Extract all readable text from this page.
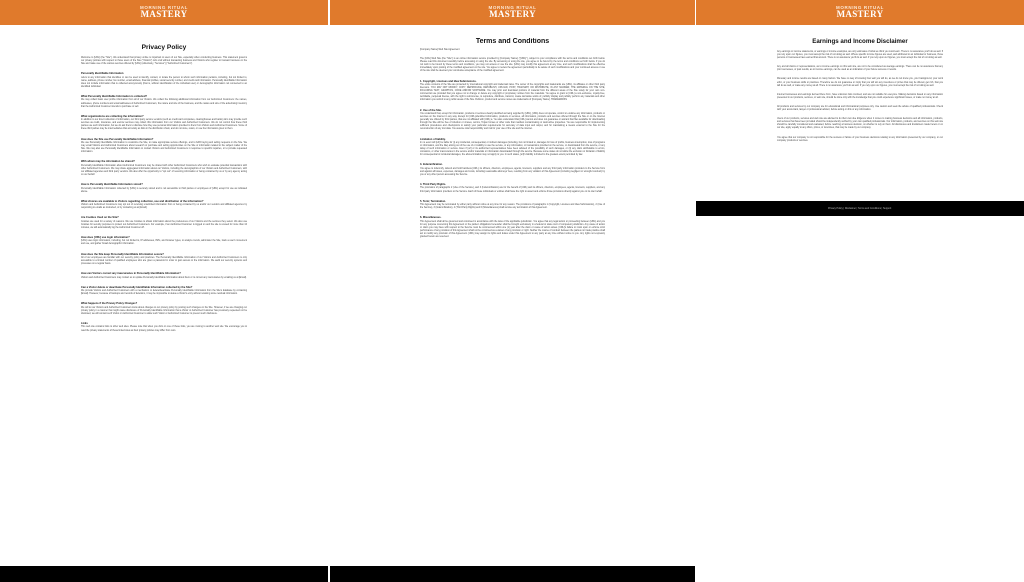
MORNING RITUAL
MASTERY
Privacy Policy
Welcome to [URL] (the "Site"). We understand that privacy online is important to users of our Site, especially when conducting business. This statement governs our privacy policies with respect to those users of the Site ("Visitors") who visit without transacting business and Visitors who register to transact business on the Site and make use of the various services offered by [URL] (collectively, "Services") ("Authorized Customers").
Personally Identifiable Information
refers to any information that identifies or can be used to identify, contact, or locate the person to whom such information pertains, including, but not limited to, name, address, phone number, fax number, email address, financial profiles, social security number, and credit card information. Personally Identifiable Information does not include information that is collected anonymously (that is, without identification of the individual user) or demographic information not connected to an identified individual.
What Personally Identifiable Information is collected?
We may collect basic user profile information from all of our Visitors. We collect the following additional information from our Authorized Customers: the names, addresses, phone numbers and email addresses of Authorized Customers, the nature and size of the business, and the nature and size of the advertising inventory that the Authorized Customer intends to purchase or sell.
What organizations are collecting the information?
In addition to our direct collection of information, our third party service vendors (such as credit card companies, clearinghouses and banks) who may provide such services as credit, insurance, and escrow services may collect this information from our Visitors and Authorized Customers. We do not control how these third parties use such information, but we do ask them to disclose how they use personal information provided to them from Visitors and Authorized Customers. Some of these third parties may be intermediaries that act solely as links in the distribution chain, and do not store, retain, or use the information given to them.
How does the Site use Personally Identifiable Information?
We use Personally Identifiable Information to customize the Site, to make appropriate service offerings, and to fulfill buying and selling requests on the Site. We may email Visitors and Authorized Customers about research or purchase and selling opportunities on the Site or information related to the subject matter of the Site. We may also use Personally Identifiable Information to contact Visitors and Authorized Customers in response to specific inquiries, or to provide requested information.
With whom may the information be shared?
Personally Identifiable Information about Authorized Customers may be shared with other Authorized Customers who wish to evaluate potential transactions with other Authorized Customers. We may share aggregated information about our Visitors, including the demographics of our Visitors and Authorized Customers, with our affiliated agencies and third party vendors. We also offer the opportunity to "opt out" of receiving information or being contacted by us or by any agency acting on our behalf.
How is Personally Identifiable Information stored?
Personally Identifiable Information collected by [URL] is securely stored and is not accessible to third parties or employees of [URL] except for use as indicated above.
What choices are available to Visitors regarding collection, use and distribution of the information?
Visitors and Authorized Customers may opt out of receiving unsolicited information from or being contacted by us and/or our vendors and affiliated agencies by responding to emails as instructed, or by contacting us at [Email].
Are Cookies Used on the Site?
Cookies are used for a variety of reasons. We use Cookies to obtain information about the preferences of our Visitors and the services they select. We also use Cookies for security purposes to protect our Authorized Customers. For example, if an Authorized Customer is logged on and the site is unused for more than 10 minutes, we will automatically log the Authorized Customer off.
How does [URL] use login information?
[URL] uses login information, including, but not limited to, IP addresses, ISPs, and browser types, to analyze trends, administer the Site, track a user's movement and use, and gather broad demographic information.
How does the Site keep Personally Identifiable Information secure?
All of our employees are familiar with our security policy and practices. The Personally Identifiable Information of our Visitors and Authorized Customers is only accessible to a limited number of qualified employees who are given a password in order to gain access to the information. We audit our security systems and processes on a regular basis.
How can Visitors correct any inaccuracies in Personally Identifiable Information?
Visitors and Authorized Customers may contact us to update Personally Identifiable Information about them or to correct any inaccuracies by emailing us at [Email].
Can a Visitor delete or deactivate Personally Identifiable Information collected by the Site?
We provide Visitors and Authorized Customers with a mechanism to delete/deactivate Personally Identifiable Information from the Site's database by contacting [Email]. However, because of backups and records of deletions, it may be impossible to delete a Visitor's entry without retaining some residual information.
What happens if the Privacy Policy Changes?
We will let our Visitors and Authorized Customers know about changes to our privacy policy by posting such changes on the Site. However, if we are changing our privacy policy in a manner that might cause disclosure of Personally Identifiable Information that a Visitor or Authorized Customer has previously requested not be disclosed, we will contact such Visitor or Authorized Customer to allow such Visitor or Authorized Customer to prevent such disclosure.
Links
This web site contains links to other web sites. Please note that when you click on one of these links, you are moving to another web site. We encourage you to read the privacy statements of these linked sites as their privacy policies may differ from ours.
MORNING RITUAL
MASTERY
Terms and Conditions
[Company Name] Web Site Agreement
The [URL] Web Site (the "Site") is an online information service provided by [Company Name] ("[URL]"), subject to your compliance with the terms and conditions set forth below. Please read this document carefully before accessing or using the site. By accessing or using the site, you agree to be bound by the terms and conditions set forth below. If you do not wish to be bound by these terms and conditions, you may not access or use the site. [URL] may modify this agreement at any time, and such modifications shall be effective immediately upon posting of the modified agreement on the site. You agree to review the agreement periodically to be aware of such modifications and your continued access or use of the site shall be deemed your conclusive acceptance of the modified agreement.
1. Copyright, Licenses and Idea Submissions.
The entire contents of the Site are protected by international copyright and trademark laws. The owner of the copyrights and trademarks are [URL], its affiliates or other third party licensors. YOU MAY NOT MODIFY, COPY, REPRODUCE, REPUBLISH, UPLOAD, POST, TRANSMIT, OR DISTRIBUTE, IN ANY MANNER, THE MATERIAL ON THE SITE, INCLUDING TEXT, GRAPHICS, CODE AND/OR SOFTWARE. You may print and download portions of material from the different areas of the Site solely for your own non-commercial use provided that you agree not to change or delete any copyright or proprietary notices from the materials. You agree to grant to [URL] a non-exclusive, royalty-free, worldwide, perpetual license, with the right to sub-license, to reproduce, distribute, transmit, create derivative works of, publicly display and publicly perform any materials and other information you submit to any public areas of the Site. Rubicon, product and service names are trademarks of [Company Name]. TRADEMARKS
2. Use of the Site.
You understand that, except for information, products or services clearly identified as being supplied by [URL], [URL] does not operate, control or endorse any information, products or services on the Internet in any way. Except for [URL]-identified information, products or services, all information, products and services offered through the Site or on the Internet generally are offered by third parties, that are not affiliated with [URL] a. You also understand that [URL] cannot and does not guarantee or warrant that files available for downloading through the Site will be free of infection or viruses, worms, Trojan horses or other code that manifest contaminating or destructive properties. You are responsible for implementing sufficient procedures and checkpoints to satisfy your particular requirements for accuracy of data input and output, and for maintaining a means external to the Site for the reconstruction of any lost data. You assume total responsibility and risk for your use of the site and the internet.
Limitation of liability.
In no event will [url] be liable for (i) any incidental, consequential, or indirect damages (including, but not limited to, damages for loss of profits, business interruption, loss of programs or information, and the like) arising out of the use of or inability to use the service, or any information, or transactions provided on the service, or downloaded from the service, or any delay of such information or service. Even if [url] or its authorized representatives have been advised of the possibility of such damages, or (ii) any claim attributable to errors, omissions, or other inaccuracies in the service and/or materials or information downloaded through the service. Because some states do not allow the exclusion or limitation of liability for consequential or incidental damages, the above limitation may not apply to you. In such states, [url]'s liability is limited to the greatest extent permitted by law.
3. Indemnification.
You agree to indemnify, defend and hold harmless [URL], its officers, directors, employees, agents, licensors, suppliers and any third party information providers to the Service from and against all losses, expenses, damages and costs, including reasonable attorneys' fees, resulting from any violation of this Agreement (including negligent or wrongful conduct) by you or any other person accessing the Service.
4. Third Party Rights.
The provisions of paragraphs 2 (Use of the Service), and 3 (Indemnification) are for the benefit of [URL] and its officers, directors, employees, agents, licensors, suppliers, and any third party information providers to the Service. Each of these individuals or entities shall have the right to assert and enforce those provisions directly against you on its own behalf.
5. Term; Termination.
This Agreement may be terminated by either party without notice at any time for any reason. The provisions of paragraphs 1 (Copyright, Licenses and Idea Submissions), 2 (Use of the Service), 3 (Indemnification), 4 (Third Party Rights) and 6 (Miscellaneous) shall survive any termination of this Agreement.
6. Miscellaneous.
This Agreement shall all be governed and construed in accordance with the laws of the applicable jurisdiction. You agree that any legal action or proceeding between [URL] and you for any purpose concerning this Agreement or the parties' obligations hereunder shall be brought exclusively in a federal or state court of competent jurisdiction. Any cause of action or claim you may have with respect to the Service must be commenced within one (1) year after the claim or cause of action arises. [URL]'s failure to insist upon or enforce strict performance of any provision of this Agreement shall not be construed as a waiver of any provision or right. Neither the course of conduct between the parties nor trade practice shall act to modify any provision of this Agreement. [URL] may assign its rights and duties under this Agreement to any party at any time without notice to you. Any rights not expressly granted herein are reserved.
MORNING RITUAL
MASTERY
Earnings and Income Disclaimer
Any earnings or income statements, or earnings or income examples, are only estimates of what we think you could earn. There is no assurance you'll do as well. If you rely upon our figures, you must accept the risk of not doing as well. Where specific income figures are used, and attributed to an individual or business, those persons or businesses have earned that amount. There is no assurance you'll do as well. If you rely upon our figures, you must accept the risk of not doing as well.
Any and all claims or representations, as to income earnings on this web site, are not to be considered as average earnings. There can be no assurance that any prior successes, or past results, as to income earnings, can be used as an indication of your future success or results.
Monetary and income results are based on many factors. We have no way of knowing how well you will do, as we do not know you, your background, your work ethic, or your business skills or practices. Therefore we do not guarantee or imply that you will win any incentives or prizes that may be offered, get rich, that you will do as well, or make any money at all. There is no assurance you'll do as well. If you rely upon our figures, you must accept the risk of not doing as well.
Internet businesses and earnings derived there from, have unknown risks involved, and are not suitable for everyone. Making decisions based on any information presented in our products, services, or web site, should be done only with the knowledge that you could experience significant losses, or make no money at all.
All products and services by our company are for educational and informational purposes only. Use caution and seek the advice of qualified professionals. Check with your accountant, lawyer or professional advisor, before acting on this or any information.
Users of our products, services and web site are advised to do their own due diligence when it comes to making business decisions and all information, products, and services that have been provided should be independently verified by your own qualified professionals. Our information, products, and services on this web site should be carefully considered and evaluated, before reaching a business decision, on whether to rely on them. All disclosures and disclaimers made herein or on our site, apply equally to any offers, prizes, or incentives, that may be made by our company.
You agree that our company is not responsible for the success or failure of your business decisions relating to any information presented by our company, or our company products or services.
Privacy Policy | Disclaimer | Terms and Conditions | Support
